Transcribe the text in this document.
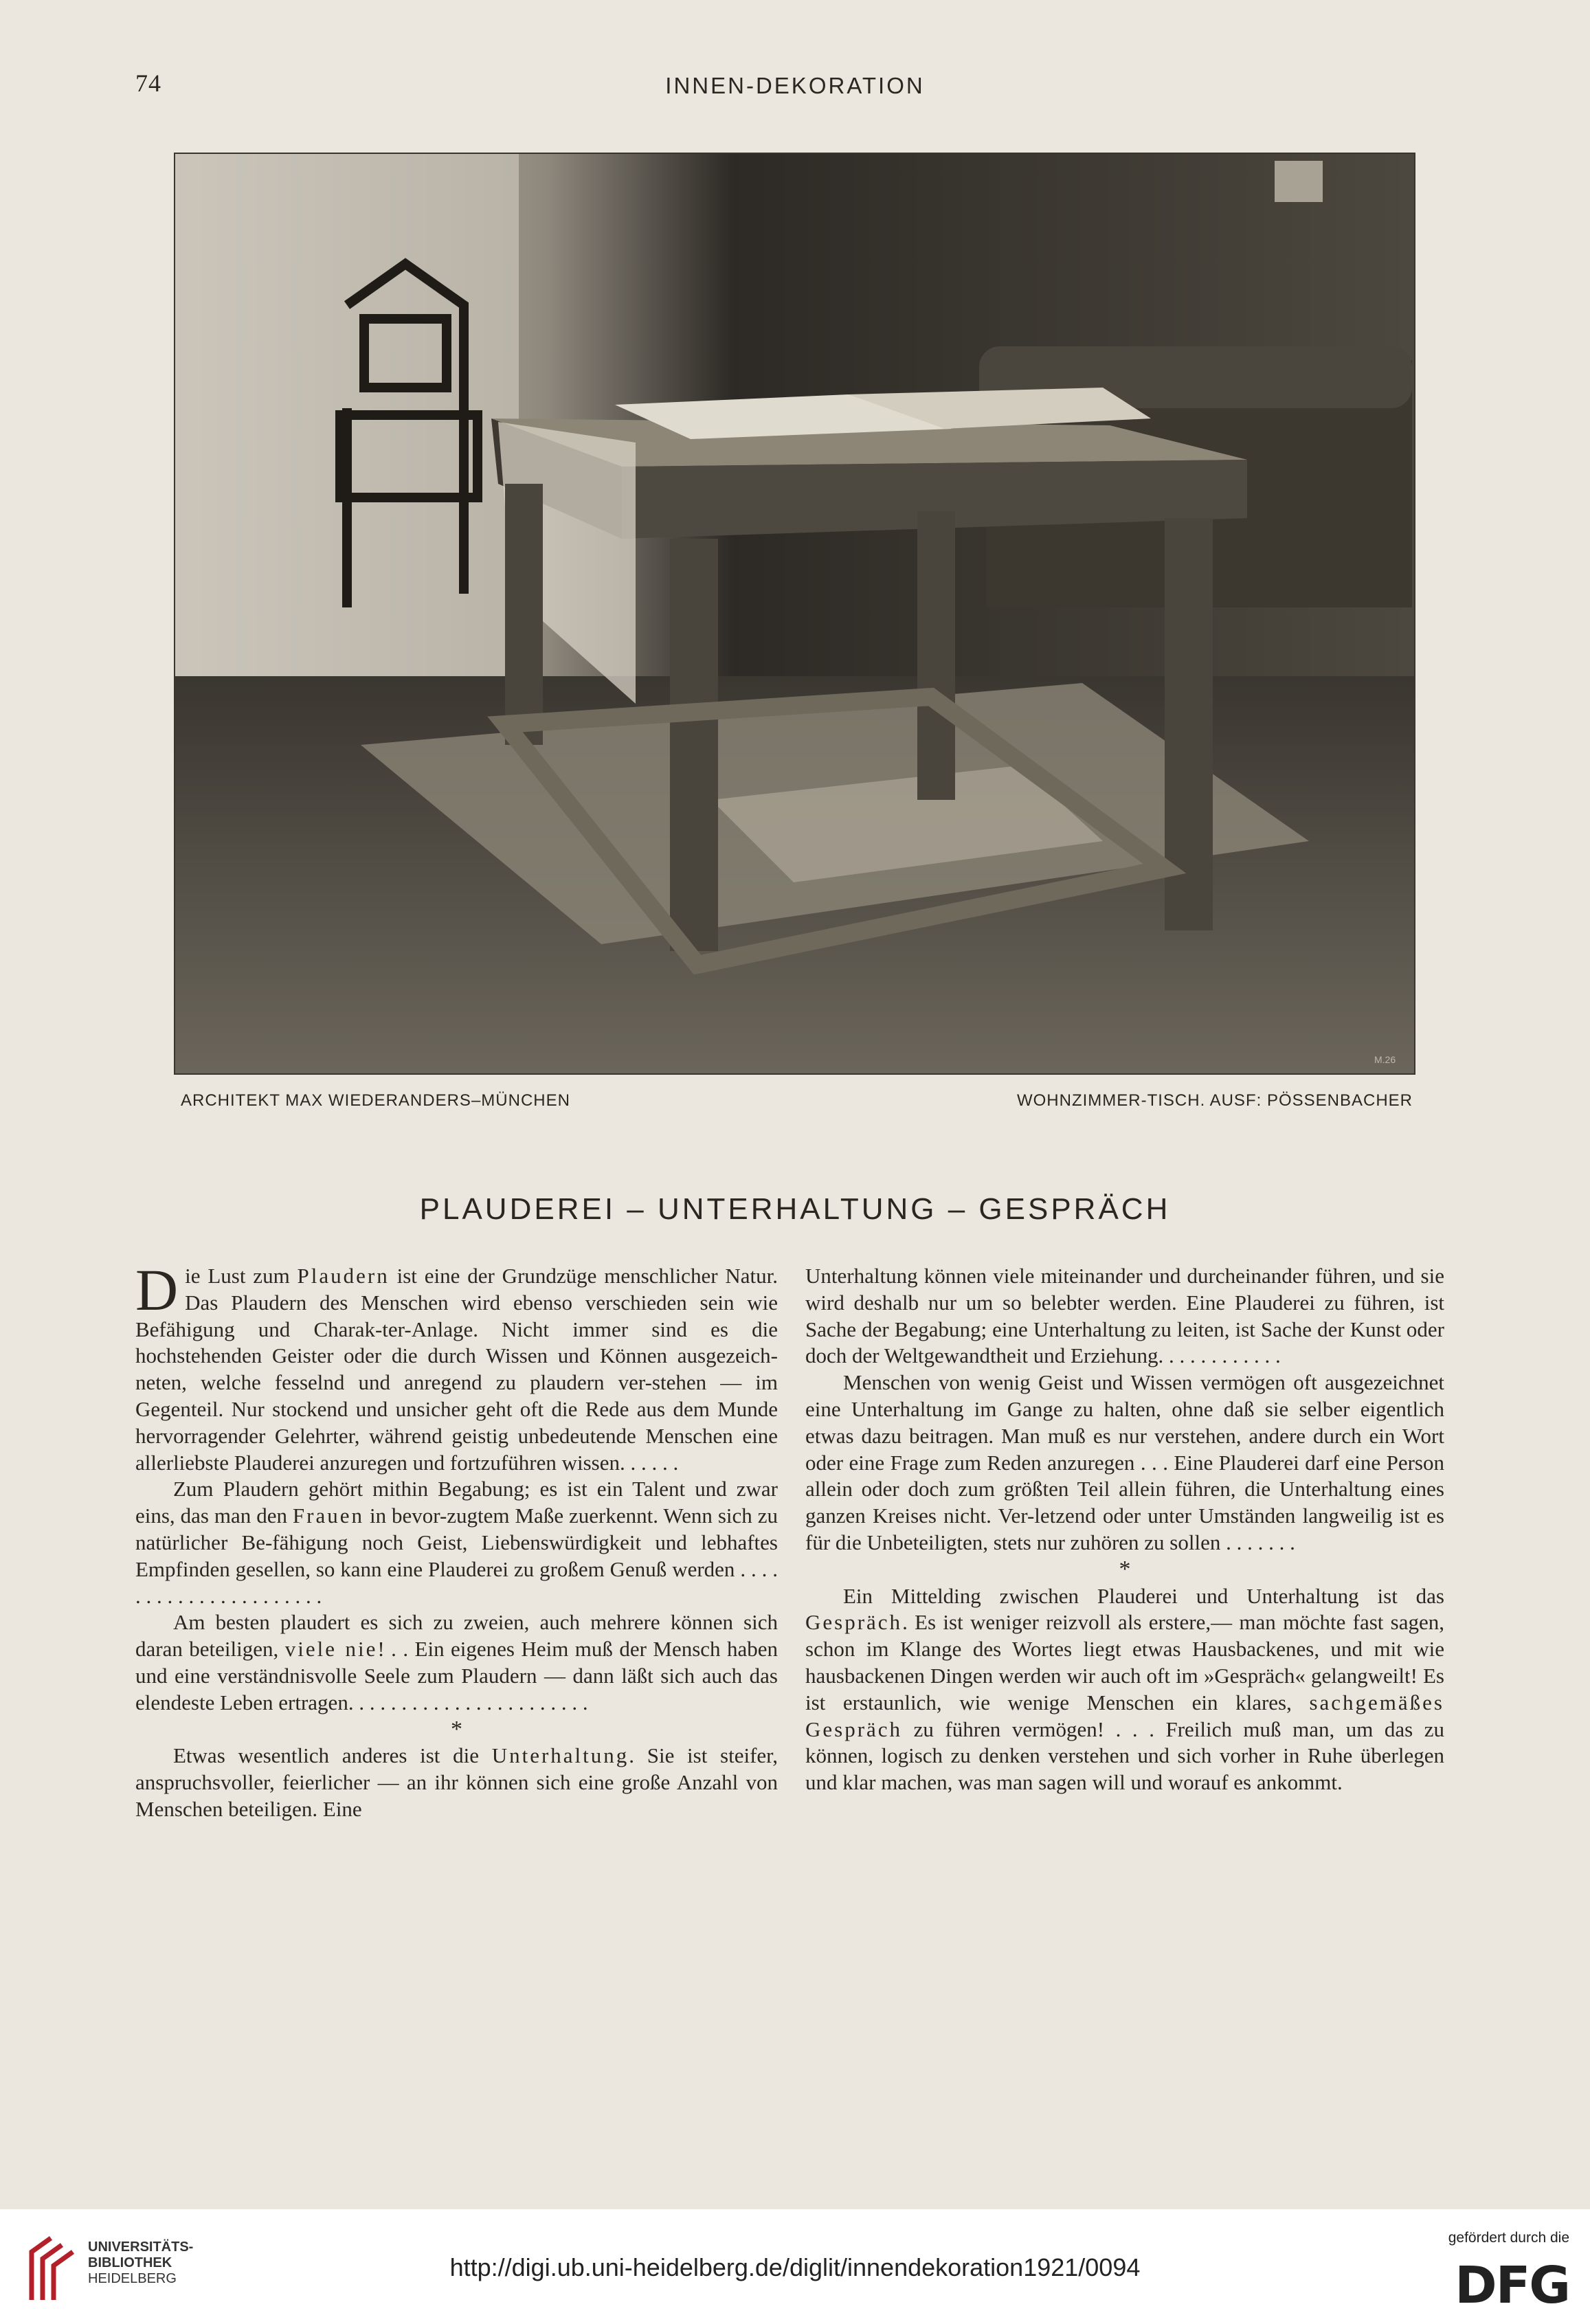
74	INNEN-DEKORATION
M.26
ARCHITEKT MAX WIEDERANDERS–MÜNCHEN	WOHNZIMMER-TISCH. AUSF: PÖSSENBACHER
PLAUDEREI – UNTERHALTUNG – GESPRÄCH

Die Lust zum Plaudern ist eine der Grundzüge menschlicher Natur. Das Plaudern des Menschen wird ebenso verschieden sein wie Befähigung und Charak-ter-Anlage. Nicht immer sind es die hochstehenden Geister oder die durch Wissen und Können ausgezeich-neten, welche fesselnd und anregend zu plaudern ver-stehen — im Gegenteil. Nur stockend und unsicher geht oft die Rede aus dem Munde hervorragender Gelehrter, während geistig unbedeutende Menschen eine allerliebste Plauderei anzuregen und fortzuführen wissen. . . . . .

Zum Plaudern gehört mithin Begabung; es ist ein Talent und zwar eins, das man den Frauen in bevor-zugtem Maße zuerkennt. Wenn sich zu natürlicher Be-fähigung noch Geist, Liebenswürdigkeit und lebhaftes Empfinden gesellen, so kann eine Plauderei zu großem Genuß werden . . . . . . . . . . . . . . . . . . . . . .

Am besten plaudert es sich zu zweien, auch mehrere können sich daran beteiligen, viele nie! . . Ein eigenes Heim muß der Mensch haben und eine verständnisvolle Seele zum Plaudern — dann läßt sich auch das elendeste Leben ertragen. . . . . . . . . . . . . . . . . . . . . . .

*

Etwas wesentlich anderes ist die Unterhaltung. Sie ist steifer, anspruchsvoller, feierlicher — an ihr können sich eine große Anzahl von Menschen beteiligen. Eine

Unterhaltung können viele miteinander und durcheinander führen, und sie wird deshalb nur um so belebter werden. Eine Plauderei zu führen, ist Sache der Begabung; eine Unterhaltung zu leiten, ist Sache der Kunst oder doch der Weltgewandtheit und Erziehung. . . . . . . . . . . .

Menschen von wenig Geist und Wissen vermögen oft ausgezeichnet eine Unterhaltung im Gange zu halten, ohne daß sie selber eigentlich etwas dazu beitragen. Man muß es nur verstehen, andere durch ein Wort oder eine Frage zum Reden anzuregen . . . Eine Plauderei darf eine Person allein oder doch zum größten Teil allein führen, die Unterhaltung eines ganzen Kreises nicht. Ver-letzend oder unter Umständen langweilig ist es für die Unbeteiligten, stets nur zuhören zu sollen . . . . . . .

*

Ein Mittelding zwischen Plauderei und Unterhaltung ist das Gespräch. Es ist weniger reizvoll als erstere,— man möchte fast sagen, schon im Klange des Wortes liegt etwas Hausbackenes, und mit wie hausbackenen Dingen werden wir auch oft im »Gespräch« gelangweilt! Es ist erstaunlich, wie wenige Menschen ein klares, sachgemäßes Gespräch zu führen vermögen! . . . Freilich muß man, um das zu können, logisch zu denken verstehen und sich vorher in Ruhe überlegen und klar machen, was man sagen will und worauf es ankommt.

UNIVERSITÄTS-
BIBLIOTHEK
HEIDELBERG	http://digi.ub.uni-heidelberg.de/diglit/innendekoration1921/0094
gefördert durch die
DFG
